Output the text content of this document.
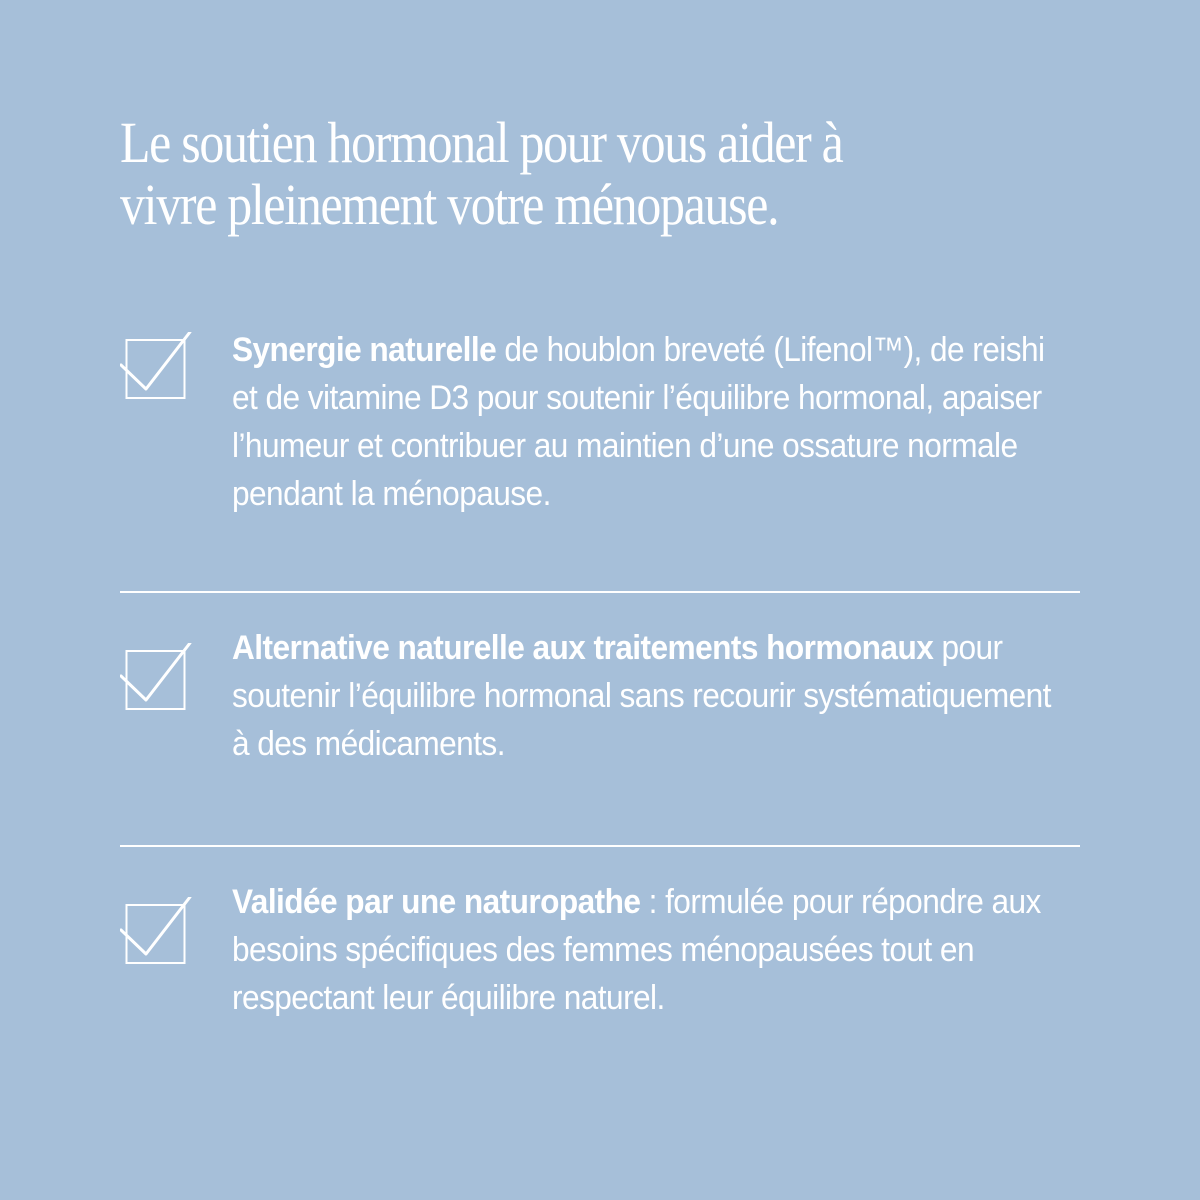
Le soutien hormonal pour vous aider à
vivre pleinement votre ménopause.
Synergie naturelle de houblon breveté (Lifenol™), de reishi et de vitamine D3 pour soutenir l’équilibre hormonal, apaiser l’humeur et contribuer au maintien d’une ossature normale pendant la ménopause.
Alternative naturelle aux traitements hormonaux pour soutenir l’équilibre hormonal sans recourir systématiquement à des médicaments.
Validée par une naturopathe : formulée pour répondre aux besoins spécifiques des femmes ménopausées tout en respectant leur équilibre naturel.
